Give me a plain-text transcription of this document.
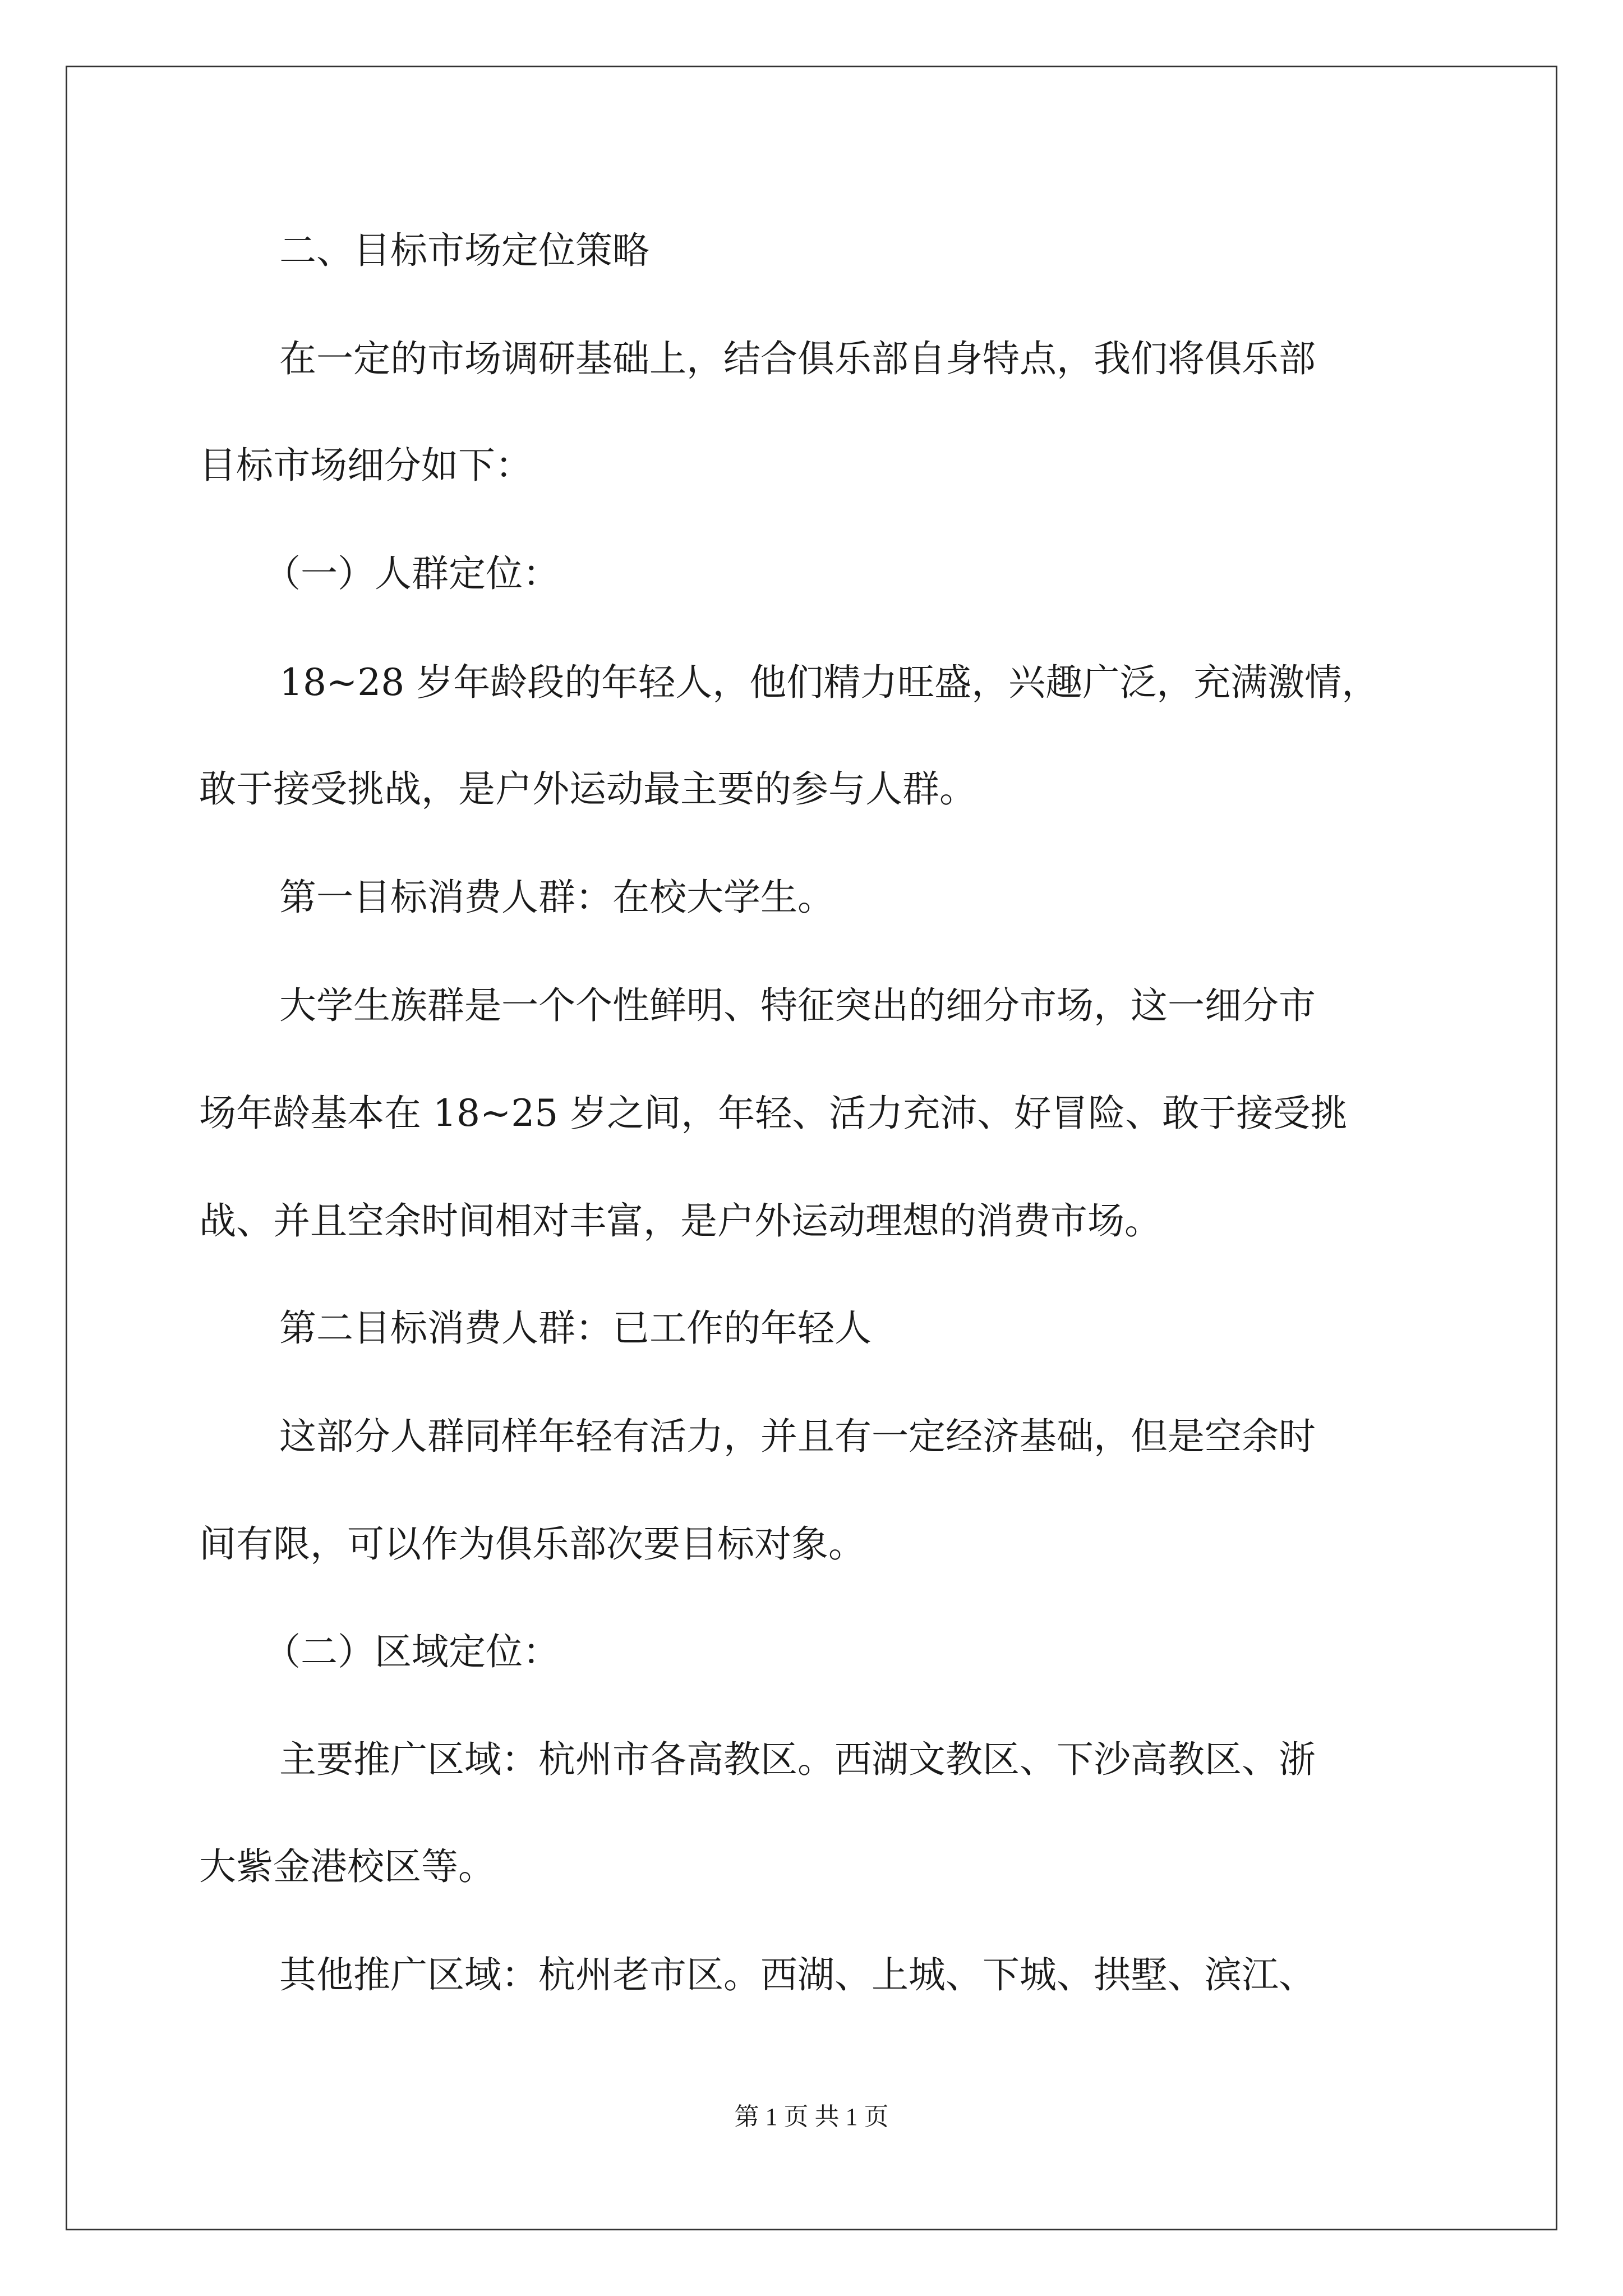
二、目标市场定位策略
在一定的市场调研基础上，结合俱乐部自身特点，我们将俱乐部
目标市场细分如下：
（一）人群定位：
18~28 岁年龄段的年轻人，他们精力旺盛，兴趣广泛，充满激情，
敢于接受挑战，是户外运动最主要的参与人群。
第一目标消费人群：在校大学生。
大学生族群是一个个性鲜明、特征突出的细分市场，这一细分市
场年龄基本在 18~25 岁之间，年轻、活力充沛、好冒险、敢于接受挑
战、并且空余时间相对丰富，是户外运动理想的消费市场。
第二目标消费人群：已工作的年轻人
这部分人群同样年轻有活力，并且有一定经济基础，但是空余时
间有限，可以作为俱乐部次要目标对象。
（二）区域定位：
主要推广区域：杭州市各高教区。西湖文教区、下沙高教区、浙
大紫金港校区等。
其他推广区域：杭州老市区。西湖、上城、下城、拱墅、滨江、
第 1 页 共 1 页
